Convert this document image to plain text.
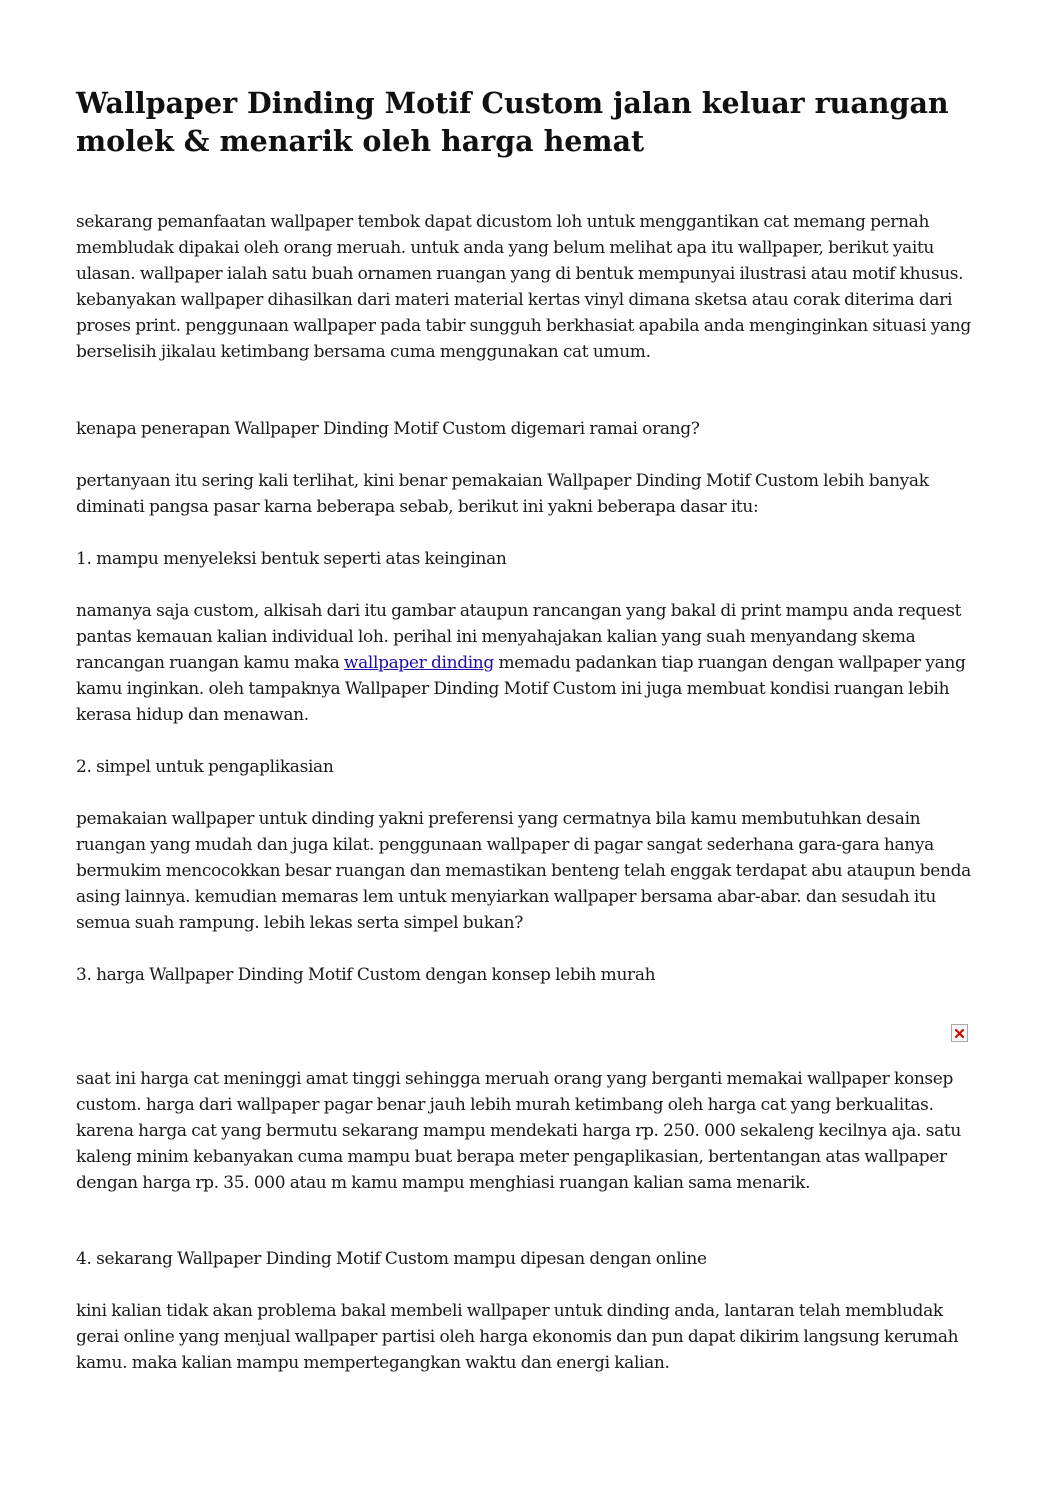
Wallpaper Dinding Motif Custom jalan keluar ruangan molek & menarik oleh harga hemat

sekarang pemanfaatan wallpaper tembok dapat dicustom loh untuk menggantikan cat memang pernah membludak dipakai oleh orang meruah. untuk anda yang belum melihat apa itu wallpaper, berikut yaitu ulasan. wallpaper ialah satu buah ornamen ruangan yang di bentuk mempunyai ilustrasi atau motif khusus. kebanyakan wallpaper dihasilkan dari materi material kertas vinyl dimana sketsa atau corak diterima dari proses print. penggunaan wallpaper pada tabir sungguh berkhasiat apabila anda menginginkan situasi yang berselisih jikalau ketimbang bersama cuma menggunakan cat umum.

kenapa penerapan Wallpaper Dinding Motif Custom digemari ramai orang?

pertanyaan itu sering kali terlihat, kini benar pemakaian Wallpaper Dinding Motif Custom lebih banyak diminati pangsa pasar karna beberapa sebab, berikut ini yakni beberapa dasar itu:

1. mampu menyeleksi bentuk seperti atas keinginan

namanya saja custom, alkisah dari itu gambar ataupun rancangan yang bakal di print mampu anda request pantas kemauan kalian individual loh. perihal ini menyahajakan kalian yang suah menyandang skema rancangan ruangan kamu maka wallpaper dinding memadu padankan tiap ruangan dengan wallpaper yang kamu inginkan. oleh tampaknya Wallpaper Dinding Motif Custom ini juga membuat kondisi ruangan lebih kerasa hidup dan menawan.

2. simpel untuk pengaplikasian

pemakaian wallpaper untuk dinding yakni preferensi yang cermatnya bila kamu membutuhkan desain ruangan yang mudah dan juga kilat. penggunaan wallpaper di pagar sangat sederhana gara-gara hanya bermukim mencocokkan besar ruangan dan memastikan benteng telah enggak terdapat abu ataupun benda asing lainnya. kemudian memaras lem untuk menyiarkan wallpaper bersama abar-abar. dan sesudah itu semua suah rampung. lebih lekas serta simpel bukan?

3. harga Wallpaper Dinding Motif Custom dengan konsep lebih murah

saat ini harga cat meninggi amat tinggi sehingga meruah orang yang berganti memakai wallpaper konsep custom. harga dari wallpaper pagar benar jauh lebih murah ketimbang oleh harga cat yang berkualitas. karena harga cat yang bermutu sekarang mampu mendekati harga rp. 250. 000 sekaleng kecilnya aja. satu kaleng minim kebanyakan cuma mampu buat berapa meter pengaplikasian, bertentangan atas wallpaper dengan harga rp. 35. 000 atau m kamu mampu menghiasi ruangan kalian sama menarik.

4. sekarang Wallpaper Dinding Motif Custom mampu dipesan dengan online

kini kalian tidak akan problema bakal membeli wallpaper untuk dinding anda, lantaran telah membludak gerai online yang menjual wallpaper partisi oleh harga ekonomis dan pun dapat dikirim langsung kerumah kamu. maka kalian mampu mempertegangkan waktu dan energi kalian.
